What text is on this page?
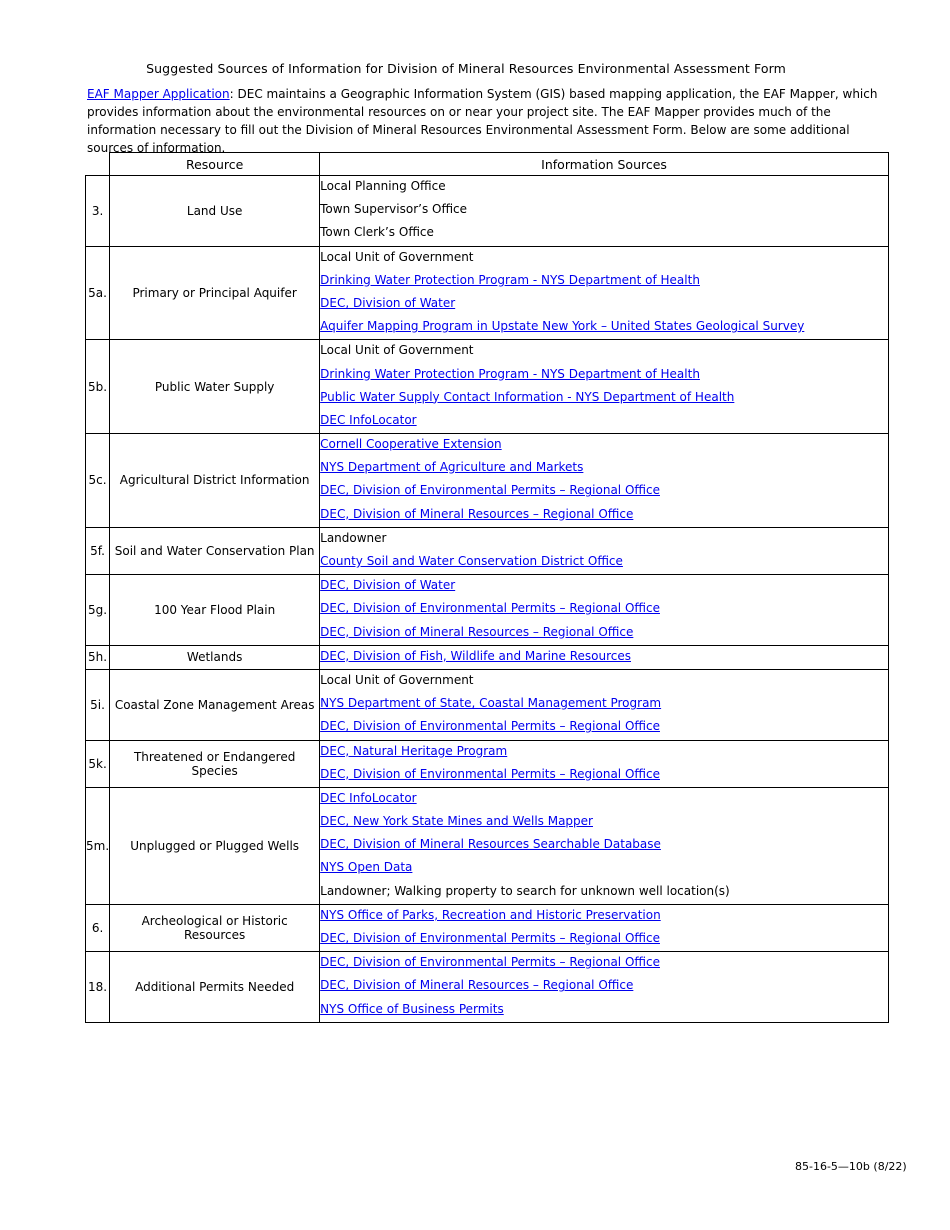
Suggested Sources of Information for Division of Mineral Resources Environmental Assessment Form
EAF Mapper Application: DEC maintains a Geographic Information System (GIS) based mapping application, the EAF Mapper, which provides information about the environmental resources on or near your project site. The EAF Mapper provides much of the information necessary to fill out the Division of Mineral Resources Environmental Assessment Form. Below are some additional sources of information.
	Resource	Information Sources
3.	Land Use	Local Planning Office
Town Supervisor’s Office
Town Clerk’s Office

5a.	Primary or Principal Aquifer	Local Unit of Government
Drinking Water Protection Program - NYS Department of Health
DEC, Division of Water
Aquifer Mapping Program in Upstate New York – United States Geological Survey

5b.	Public Water Supply	Local Unit of Government
Drinking Water Protection Program - NYS Department of Health
Public Water Supply Contact Information - NYS Department of Health
DEC InfoLocator

5c.	Agricultural District Information	Cornell Cooperative Extension
NYS Department of Agriculture and Markets
DEC, Division of Environmental Permits – Regional Office
DEC, Division of Mineral Resources – Regional Office

5f.	Soil and Water Conservation Plan	Landowner
County Soil and Water Conservation District Office

5g.	100 Year Flood Plain	DEC, Division of Water
DEC, Division of Environmental Permits – Regional Office
DEC, Division of Mineral Resources – Regional Office

5h.	Wetlands	DEC, Division of Fish, Wildlife and Marine Resources

5i.	Coastal Zone Management Areas	Local Unit of Government
NYS Department of State, Coastal Management Program
DEC, Division of Environmental Permits – Regional Office

5k.	Threatened or Endangered Species	DEC, Natural Heritage Program
DEC, Division of Environmental Permits – Regional Office

5m.	Unplugged or Plugged Wells	DEC InfoLocator
DEC, New York State Mines and Wells Mapper
DEC, Division of Mineral Resources Searchable Database
NYS Open Data
Landowner; Walking property to search for unknown well location(s)

6.	Archeological or Historic Resources	NYS Office of Parks, Recreation and Historic Preservation
DEC, Division of Environmental Permits – Regional Office

18.	Additional Permits Needed	DEC, Division of Environmental Permits – Regional Office
DEC, Division of Mineral Resources – Regional Office
NYS Office of Business Permits
85-16-5—10b (8/22)
